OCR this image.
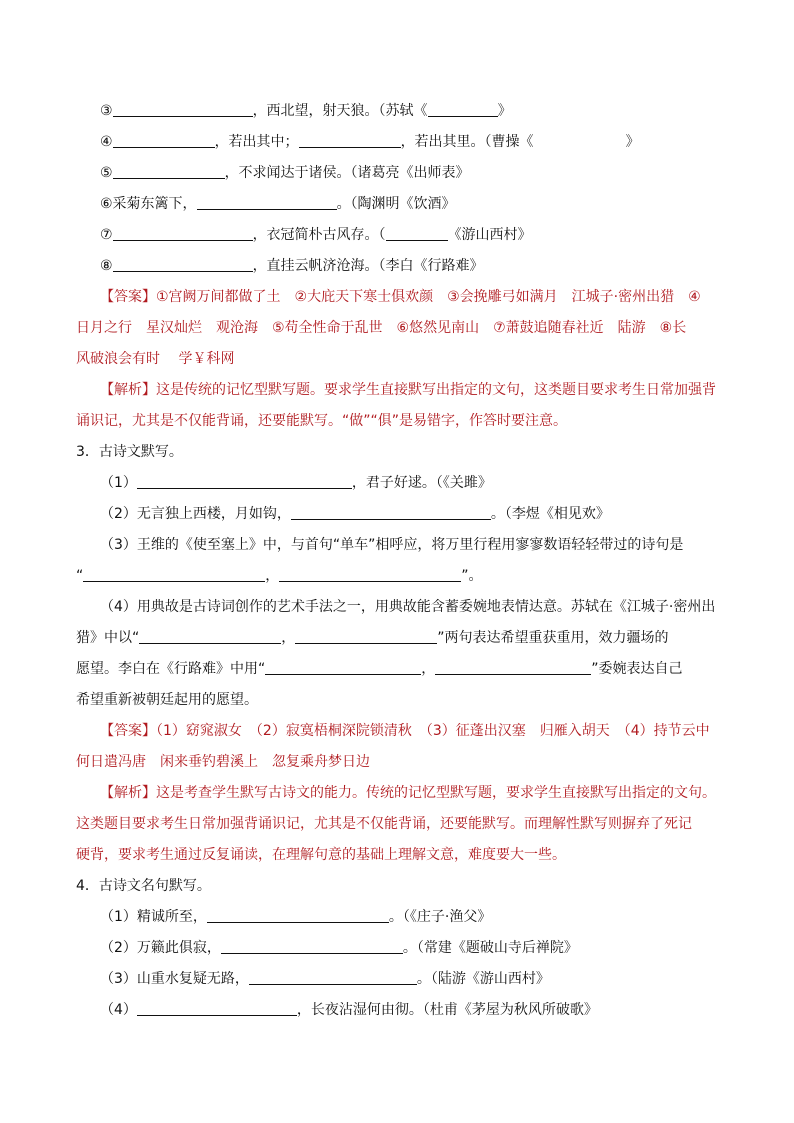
③	，西北望，射天狼。（苏轼《	》
④	，若出其中；	，若出其里。（曹操《	》
⑤	，不求闻达于诸侯。（诸葛亮《出师表》
⑥采菊东篱下，	。（陶渊明《饮酒》
⑦	，衣冠简朴古风存。（	《游山西村》
⑧	，直挂云帆济沧海。（李白《行路难》
【答案】①宫阙万间都做了土　②大庇天下寒士俱欢颜　③会挽雕弓如满月　江城子·密州出猎　④
日月之行　星汉灿烂　观沧海　⑤苟全性命于乱世　⑥悠然见南山　⑦萧鼓追随春社近　陆游　⑧长
风破浪会有时　 学￥科网
【解析】这是传统的记忆型默写题。要求学生直接默写出指定的文句，这类题目要求考生日常加强背
诵识记，尤其是不仅能背诵，还要能默写。“做”“俱”是易错字，作答时要注意。
3．古诗文默写。
（1）	，君子好逑。（《关雎》
（2）无言独上西楼，月如钩，	。（李煜《相见欢》
（3）王维的《使至塞上》中，与首句“单车”相呼应，将万里行程用寥寥数语轻轻带过的诗句是
“	，	”。
（4）用典故是古诗词创作的艺术手法之一，用典故能含蓄委婉地表情达意。苏轼在《江城子·密州出
猎》中以“	，	”两句表达希望重获重用，效力疆场的
愿望。李白在《行路难》中用“	，	”委婉表达自己
希望重新被朝廷起用的愿望。
【答案】（1）窈窕淑女　（2）寂寞梧桐深院锁清秋　（3）征蓬出汉塞　归雁入胡天　（4）持节云中
何日遣冯唐　闲来垂钓碧溪上　忽复乘舟梦日边
【解析】这是考查学生默写古诗文的能力。传统的记忆型默写题，要求学生直接默写出指定的文句。
这类题目要求考生日常加强背诵识记，尤其是不仅能背诵，还要能默写。而理解性默写则摒弃了死记
硬背，要求考生通过反复诵读，在理解句意的基础上理解文意，难度要大一些。
4．古诗文名句默写。
（1）精诚所至，	。（《庄子·渔父》
（2）万籁此俱寂，	。（常建《题破山寺后禅院》
（3）山重水复疑无路，	。（陆游《游山西村》
（4）	，长夜沾湿何由彻。（杜甫《茅屋为秋风所破歌》
